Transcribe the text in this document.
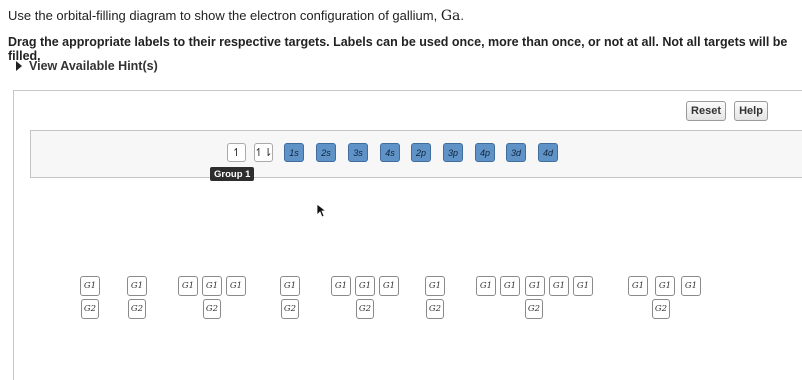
Use the orbital-filling diagram to show the electron configuration of gallium, Ga.
Drag the appropriate labels to their respective targets. Labels can be used once, more than once, or not at all. Not all targets will be filled.
View Available Hint(s)
Reset	Help
↿	↿⇂	1s	2s	3s	4s	2p	3p	4p	3d	4d
Group 1
G1	G1	G1	G1	G1	G1	G1	G1	G1	G1	G1	G1	G1	G1	G1	G1	G1	G1
G2	G2	G2	G2	G2	G2	G2	G2
